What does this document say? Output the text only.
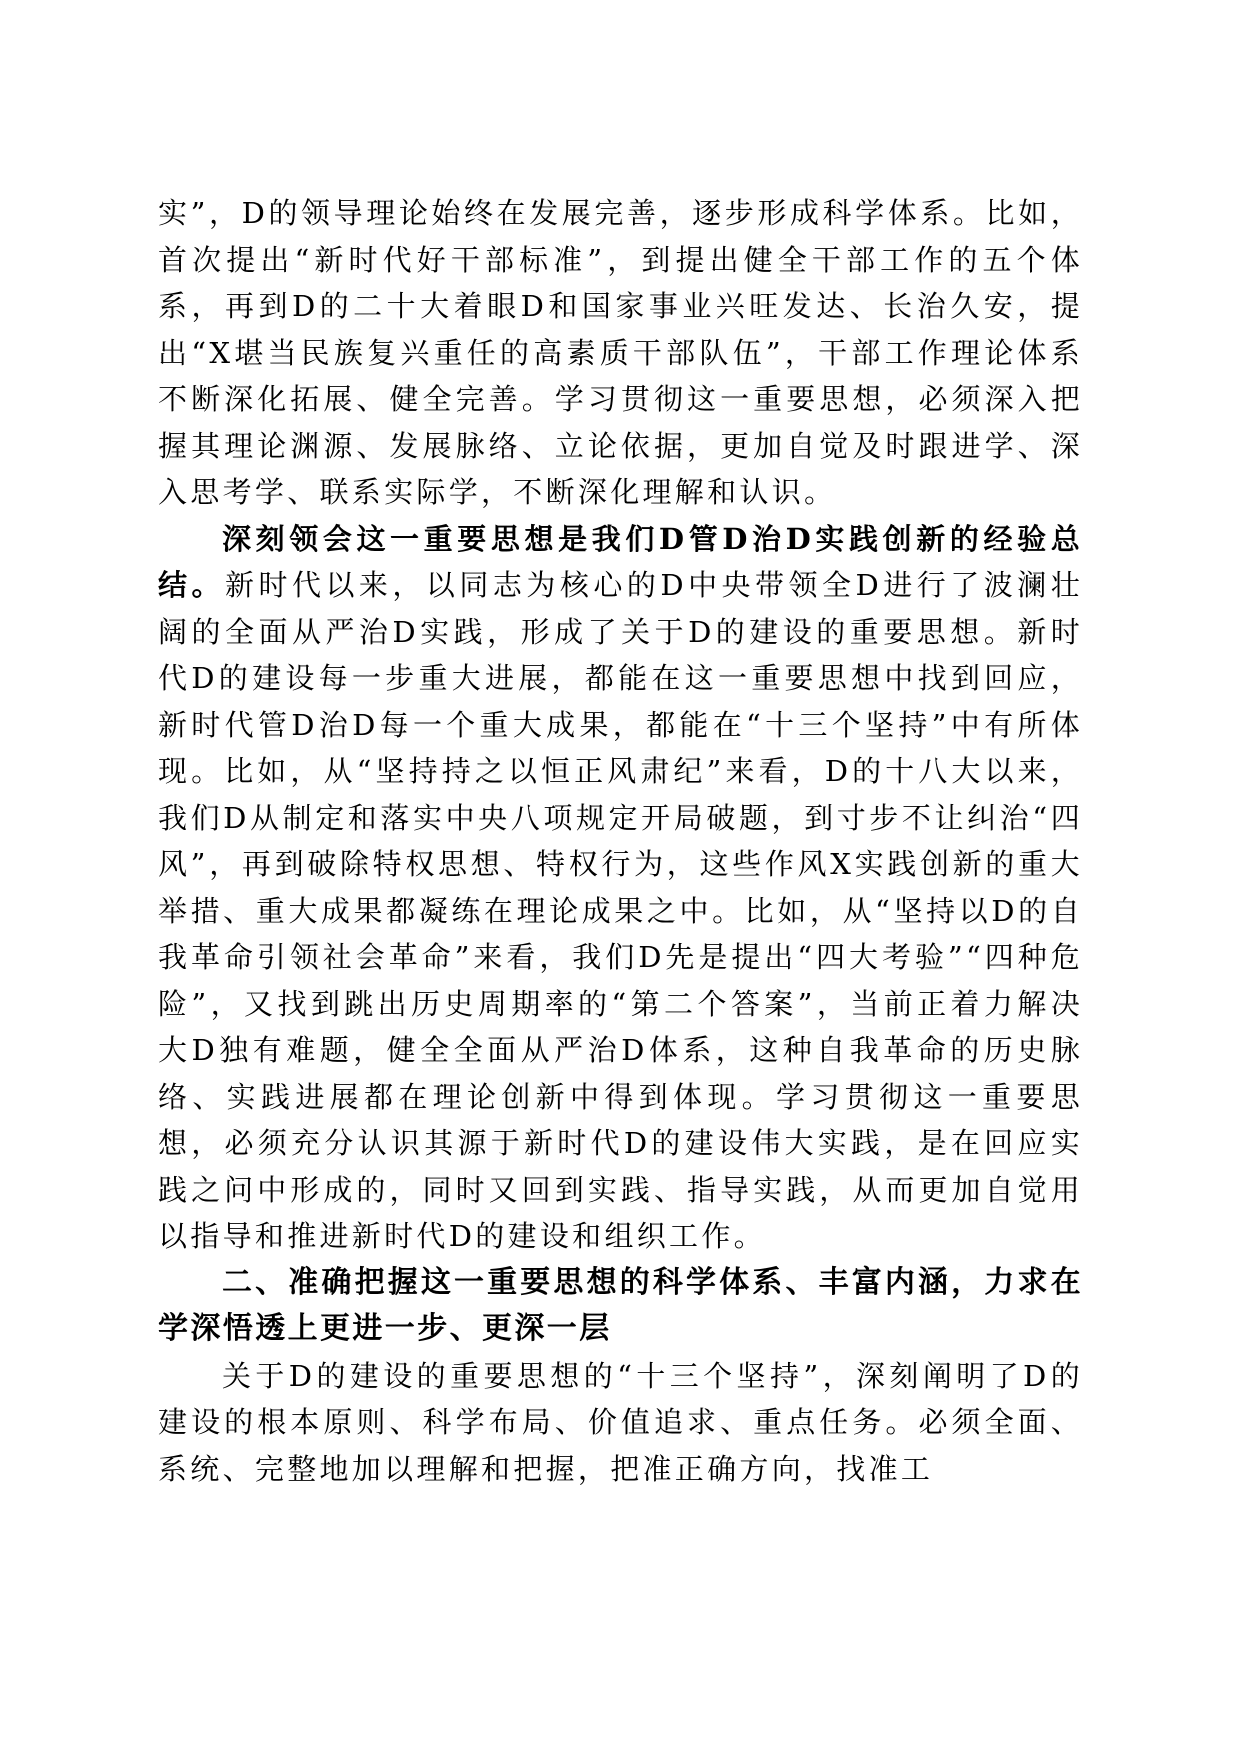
实”，D的领导理论始终在发展完善，逐步形成科学体系。比如，首次提出“新时代好干部标准”，到提出健全干部工作的五个体系，再到D的二十大着眼D和国家事业兴旺发达、长治久安，提出“X堪当民族复兴重任的高素质干部队伍”，干部工作理论体系不断深化拓展、健全完善。学习贯彻这一重要思想，必须深入把握其理论渊源、发展脉络、立论依据，更加自觉及时跟进学、深入思考学、联系实际学，不断深化理解和认识。

深刻领会这一重要思想是我们D管D治D实践创新的经验总结。新时代以来，以同志为核心的D中央带领全D进行了波澜壮阔的全面从严治D实践，形成了关于D的建设的重要思想。新时代D的建设每一步重大进展，都能在这一重要思想中找到回应，新时代管D治D每一个重大成果，都能在“十三个坚持”中有所体现。比如，从“坚持持之以恒正风肃纪”来看，D的十八大以来，我们D从制定和落实中央八项规定开局破题，到寸步不让纠治“四风”，再到破除特权思想、特权行为，这些作风X实践创新的重大举措、重大成果都凝练在理论成果之中。比如，从“坚持以D的自我革命引领社会革命”来看，我们D先是提出“四大考验”“四种危险”，又找到跳出历史周期率的“第二个答案”，当前正着力解决大D独有难题，健全全面从严治D体系，这种自我革命的历史脉络、实践进展都在理论创新中得到体现。学习贯彻这一重要思想，必须充分认识其源于新时代D的建设伟大实践，是在回应实践之问中形成的，同时又回到实践、指导实践，从而更加自觉用以指导和推进新时代D的建设和组织工作。

二、准确把握这一重要思想的科学体系、丰富内涵，力求在学深悟透上更进一步、更深一层

关于D的建设的重要思想的“十三个坚持”，深刻阐明了D的建设的根本原则、科学布局、价值追求、重点任务。必须全面、系统、完整地加以理解和把握，把准正确方向，找准工
